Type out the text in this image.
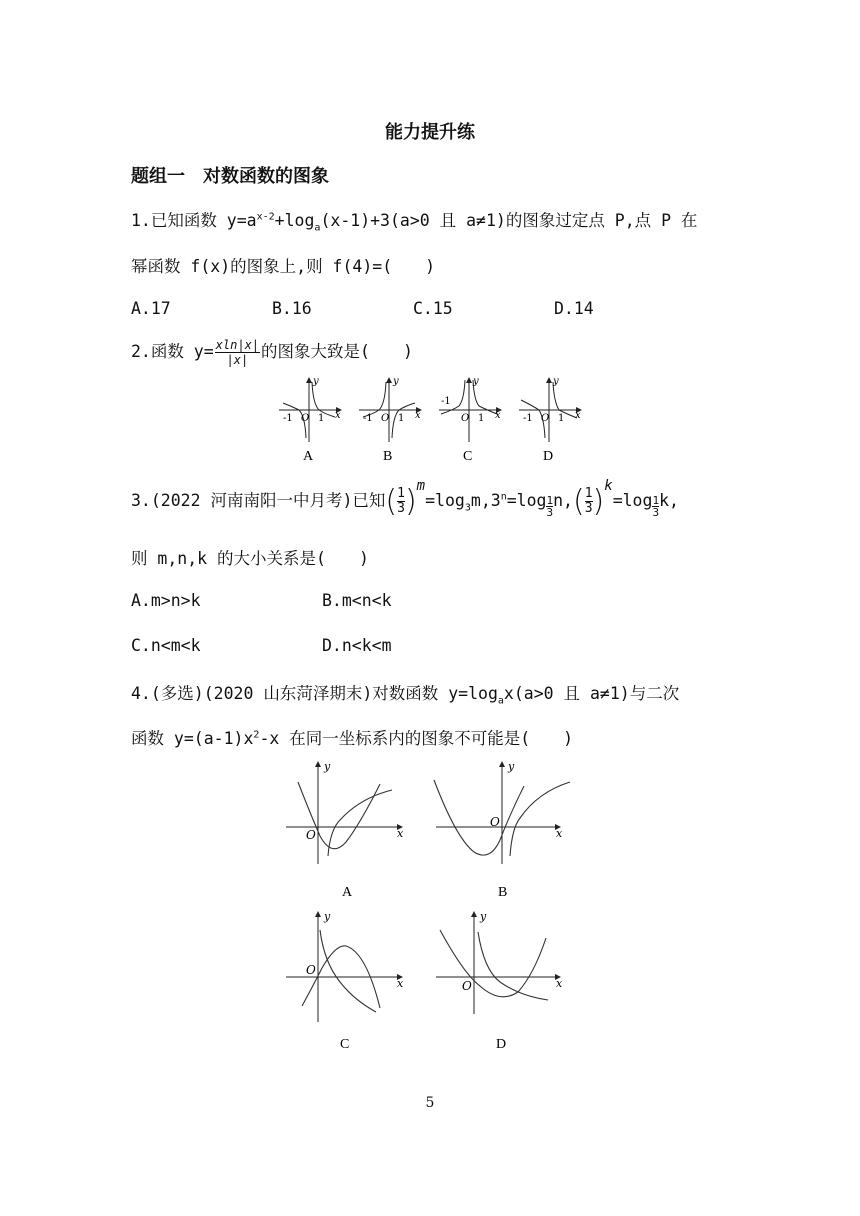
能力提升练
题组一　对数函数的图象
1.已知函数 $y=a^{x-2}+\log_a(x-1)+3(a>0$ 且 a≠1)的图象过定点 P,点 P 在
幂函数 f(x)的图象上,则 f(4)=(　　)
A.17	B.16	C.15	D.14
2.函数 $y= \frac{xln|x|}{|x|}$ 的图象大致是(　　)
y
x
-1 O 1
A
y
x
-1 O 1
B
y
x
-1
O 1
C
y
x
-1 O 1
D
3.(2022 河南南阳一中月考)已知( $\frac{1}{3} )^m=\log_3m,3^n=\log \frac{1}{3} n,( \frac{1}{3} )^k=\log \frac{1}{3} k$,
则 m,n,k 的大小关系是(　　)
A.m>n>k	B.m<n<k
C.n<m<k	D.n<k<m
4.(多选)(2020 山东菏泽期末)对数函数 $y=\log_ax(a>0$ 且 a≠1)与二次
函数 $y=(a-1)x^2-x$ 在同一坐标系内的图象不可能是(　　)
y
x
O
A
y
x
O
B
y
x
O
C
y
x
O
D
5
